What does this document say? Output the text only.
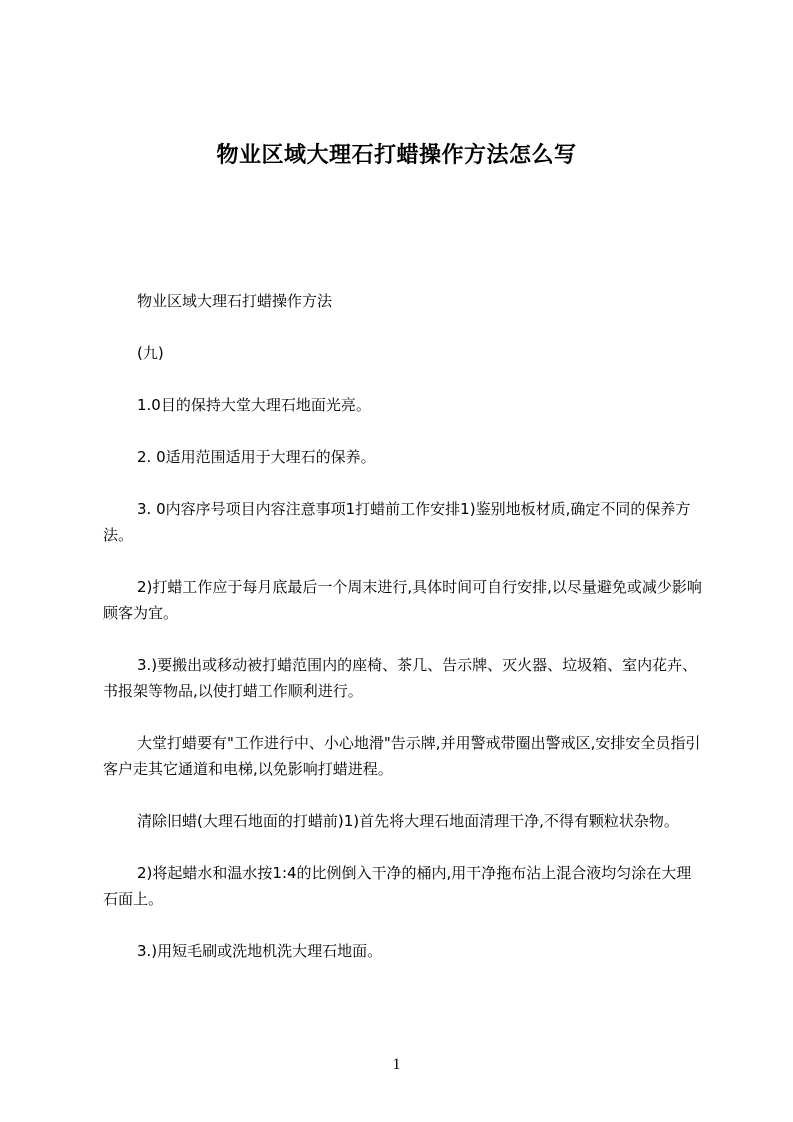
物业区域大理石打蜡操作方法怎么写

物业区域大理石打蜡操作方法

(九)

1.0目的保持大堂大理石地面光亮。

2. 0适用范围适用于大理石的保养。

3. 0内容序号项目内容注意事项1打蜡前工作安排1)鉴别地板材质,确定不同的保养方法。

2)打蜡工作应于每月底最后一个周末进行,具体时间可自行安排,以尽量避免或减少影响顾客为宜。

3.)要搬出或移动被打蜡范围内的座椅、茶几、告示牌、灭火器、垃圾箱、室内花卉、书报架等物品,以使打蜡工作顺利进行。

大堂打蜡要有"工作进行中、小心地滑"告示牌,并用警戒带圈出警戒区,安排安全员指引客户走其它通道和电梯,以免影响打蜡进程。

清除旧蜡(大理石地面的打蜡前)1)首先将大理石地面清理干净,不得有颗粒状杂物。

2)将起蜡水和温水按1:4的比例倒入干净的桶内,用干净拖布沾上混合液均匀涂在大理石面上。

3.)用短毛刷或洗地机洗大理石地面。

1
